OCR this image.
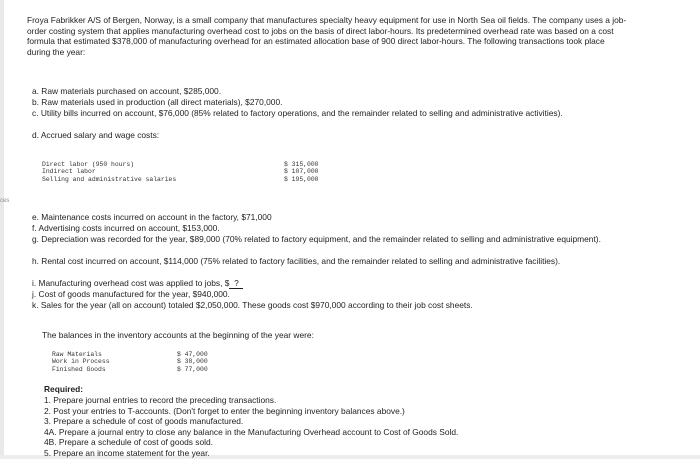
ces
Froya Fabrikker A/S of Bergen, Norway, is a small company that manufactures specialty heavy equipment for use in North Sea oil fields. The company uses a job-order costing system that applies manufacturing overhead cost to jobs on the basis of direct labor-hours. Its predetermined overhead rate was based on a cost formula that estimated $378,000 of manufacturing overhead for an estimated allocation base of 900 direct labor-hours. The following transactions took place during the year:
a. Raw materials purchased on account, $285,000.
b. Raw materials used in production (all direct materials), $270,000.
c. Utility bills incurred on account, $76,000 (85% related to factory operations, and the remainder related to selling and administrative activities).
d. Accrued salary and wage costs:
Direct labor (950 hours)
Indirect labor
Selling and administrative salaries
$ 315,000
$ 107,000
$ 195,000
e. Maintenance costs incurred on account in the factory, $71,000
f. Advertising costs incurred on account, $153,000.
g. Depreciation was recorded for the year, $89,000 (70% related to factory equipment, and the remainder related to selling and administrative equipment).
h. Rental cost incurred on account, $114,000 (75% related to factory facilities, and the remainder related to selling and administrative facilities).
i. Manufacturing overhead cost was applied to jobs, $ ?
j. Cost of goods manufactured for the year, $940,000.
k. Sales for the year (all on account) totaled $2,050,000. These goods cost $970,000 according to their job cost sheets.
The balances in the inventory accounts at the beginning of the year were:
Raw Materials
Work in Process
Finished Goods
$ 47,000
$ 38,000
$ 77,000
Required:
1. Prepare journal entries to record the preceding transactions.
2. Post your entries to T-accounts. (Don't forget to enter the beginning inventory balances above.)
3. Prepare a schedule of cost of goods manufactured.
4A. Prepare a journal entry to close any balance in the Manufacturing Overhead account to Cost of Goods Sold.
4B. Prepare a schedule of cost of goods sold.
5. Prepare an income statement for the year.
